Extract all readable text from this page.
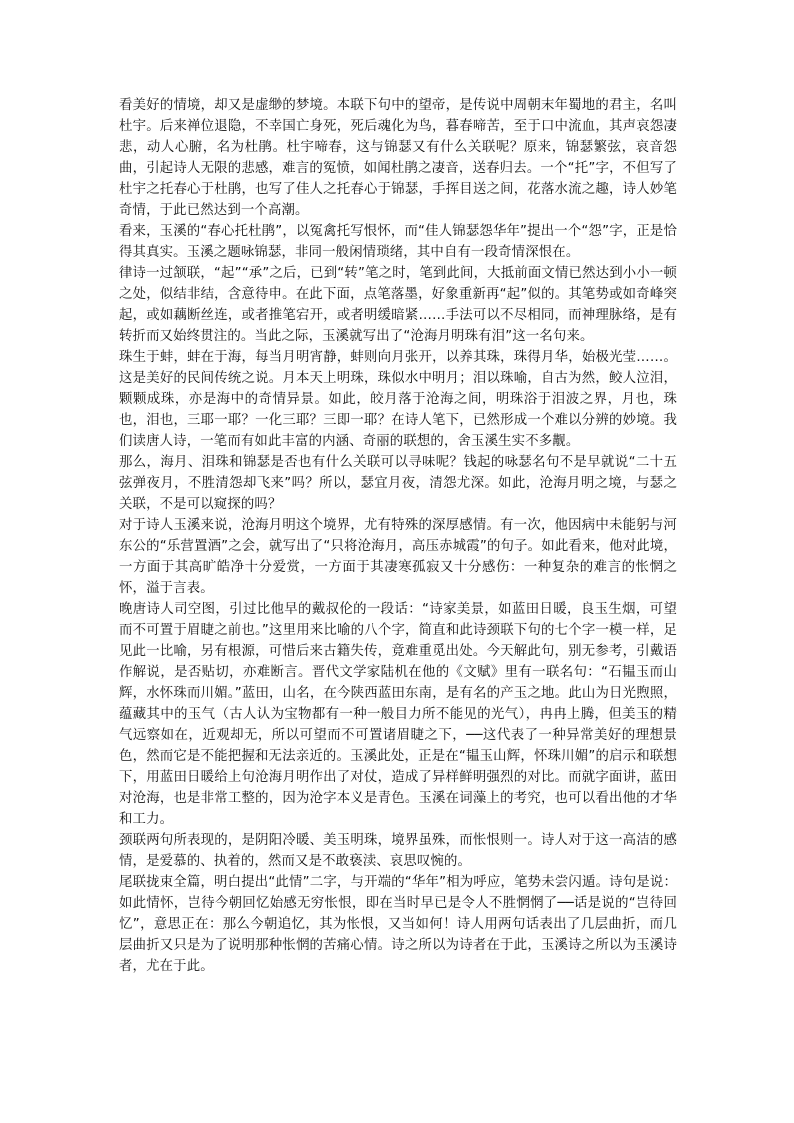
看美好的情境，却又是虚缈的梦境。本联下句中的望帝，是传说中周朝末年蜀地的君主，名叫杜宇。后来禅位退隐，不幸国亡身死，死后魂化为鸟，暮春啼苦，至于口中流血，其声哀怨凄悲，动人心腑，名为杜鹃。杜宇啼春，这与锦瑟又有什么关联呢？原来，锦瑟繁弦，哀音怨曲，引起诗人无限的悲感，难言的冤愤，如闻杜鹃之凄音，送春归去。一个“托”字，不但写了杜宇之托春心于杜鹃，也写了佳人之托春心于锦瑟，手挥目送之间，花落水流之趣，诗人妙笔奇情，于此已然达到一个高潮。

看来，玉溪的“春心托杜鹃”，以冤禽托写恨怀，而“佳人锦瑟怨华年”提出一个“怨”字，正是恰得其真实。玉溪之题咏锦瑟，非同一般闲情琐绪，其中自有一段奇情深恨在。

律诗一过颔联，“起”“承”之后，已到“转”笔之时，笔到此间，大抵前面文情已然达到小小一顿之处，似结非结，含意待申。在此下面，点笔落墨，好象重新再“起”似的。其笔势或如奇峰突起，或如藕断丝连，或者推笔宕开，或者明缓暗紧……手法可以不尽相同，而神理脉络，是有转折而又始终贯注的。当此之际，玉溪就写出了“沧海月明珠有泪”这一名句来。

珠生于蚌，蚌在于海，每当月明宵静，蚌则向月张开，以养其珠，珠得月华，始极光莹……。这是美好的民间传统之说。月本天上明珠，珠似水中明月；泪以珠喻，自古为然，鲛人泣泪，颗颗成珠，亦是海中的奇情异景。如此，皎月落于沧海之间，明珠浴于泪波之界，月也，珠也，泪也，三耶一耶？一化三耶？三即一耶？在诗人笔下，已然形成一个难以分辨的妙境。我们读唐人诗，一笔而有如此丰富的内涵、奇丽的联想的，舍玉溪生实不多觏。

那么，海月、泪珠和锦瑟是否也有什么关联可以寻味呢？钱起的咏瑟名句不是早就说“二十五弦弹夜月，不胜清怨却飞来”吗？所以，瑟宜月夜，清怨尤深。如此，沧海月明之境，与瑟之关联，不是可以窥探的吗？

对于诗人玉溪来说，沧海月明这个境界，尤有特殊的深厚感情。有一次，他因病中未能躬与河东公的“乐营置酒”之会，就写出了“只将沧海月，高压赤城霞”的句子。如此看来，他对此境，一方面于其高旷皓净十分爱赏，一方面于其凄寒孤寂又十分感伤：一种复杂的难言的怅惘之怀，溢于言表。

晚唐诗人司空图，引过比他早的戴叔伦的一段话：“诗家美景，如蓝田日暖，良玉生烟，可望而不可置于眉睫之前也。”这里用来比喻的八个字，简直和此诗颈联下句的七个字一模一样，足见此一比喻，另有根源，可惜后来古籍失传，竟难重觅出处。今天解此句，别无参考，引戴语作解说，是否贴切，亦难断言。晋代文学家陆机在他的《文赋》里有一联名句：“石韫玉而山辉，水怀珠而川媚。”蓝田，山名，在今陕西蓝田东南，是有名的产玉之地。此山为日光煦照，蕴藏其中的玉气（古人认为宝物都有一种一般目力所不能见的光气），冉冉上腾，但美玉的精气远察如在，近观却无，所以可望而不可置诸眉睫之下，──这代表了一种异常美好的理想景色，然而它是不能把握和无法亲近的。玉溪此处，正是在“韫玉山辉，怀珠川媚”的启示和联想下，用蓝田日暖给上句沧海月明作出了对仗，造成了异样鲜明强烈的对比。而就字面讲，蓝田对沧海，也是非常工整的，因为沧字本义是青色。玉溪在词藻上的考究，也可以看出他的才华和工力。

颈联两句所表现的，是阴阳冷暖、美玉明珠，境界虽殊，而怅恨则一。诗人对于这一高洁的感情，是爱慕的、执着的，然而又是不敢亵渎、哀思叹惋的。

尾联拢束全篇，明白提出“此情”二字，与开端的“华年”相为呼应，笔势未尝闪遁。诗句是说：如此情怀，岂待今朝回忆始感无穷怅恨，即在当时早已是令人不胜惘惘了──话是说的“岂待回忆”，意思正在：那么今朝追忆，其为怅恨，又当如何！诗人用两句话表出了几层曲折，而几层曲折又只是为了说明那种怅惘的苦痛心情。诗之所以为诗者在于此，玉溪诗之所以为玉溪诗者，尤在于此。
